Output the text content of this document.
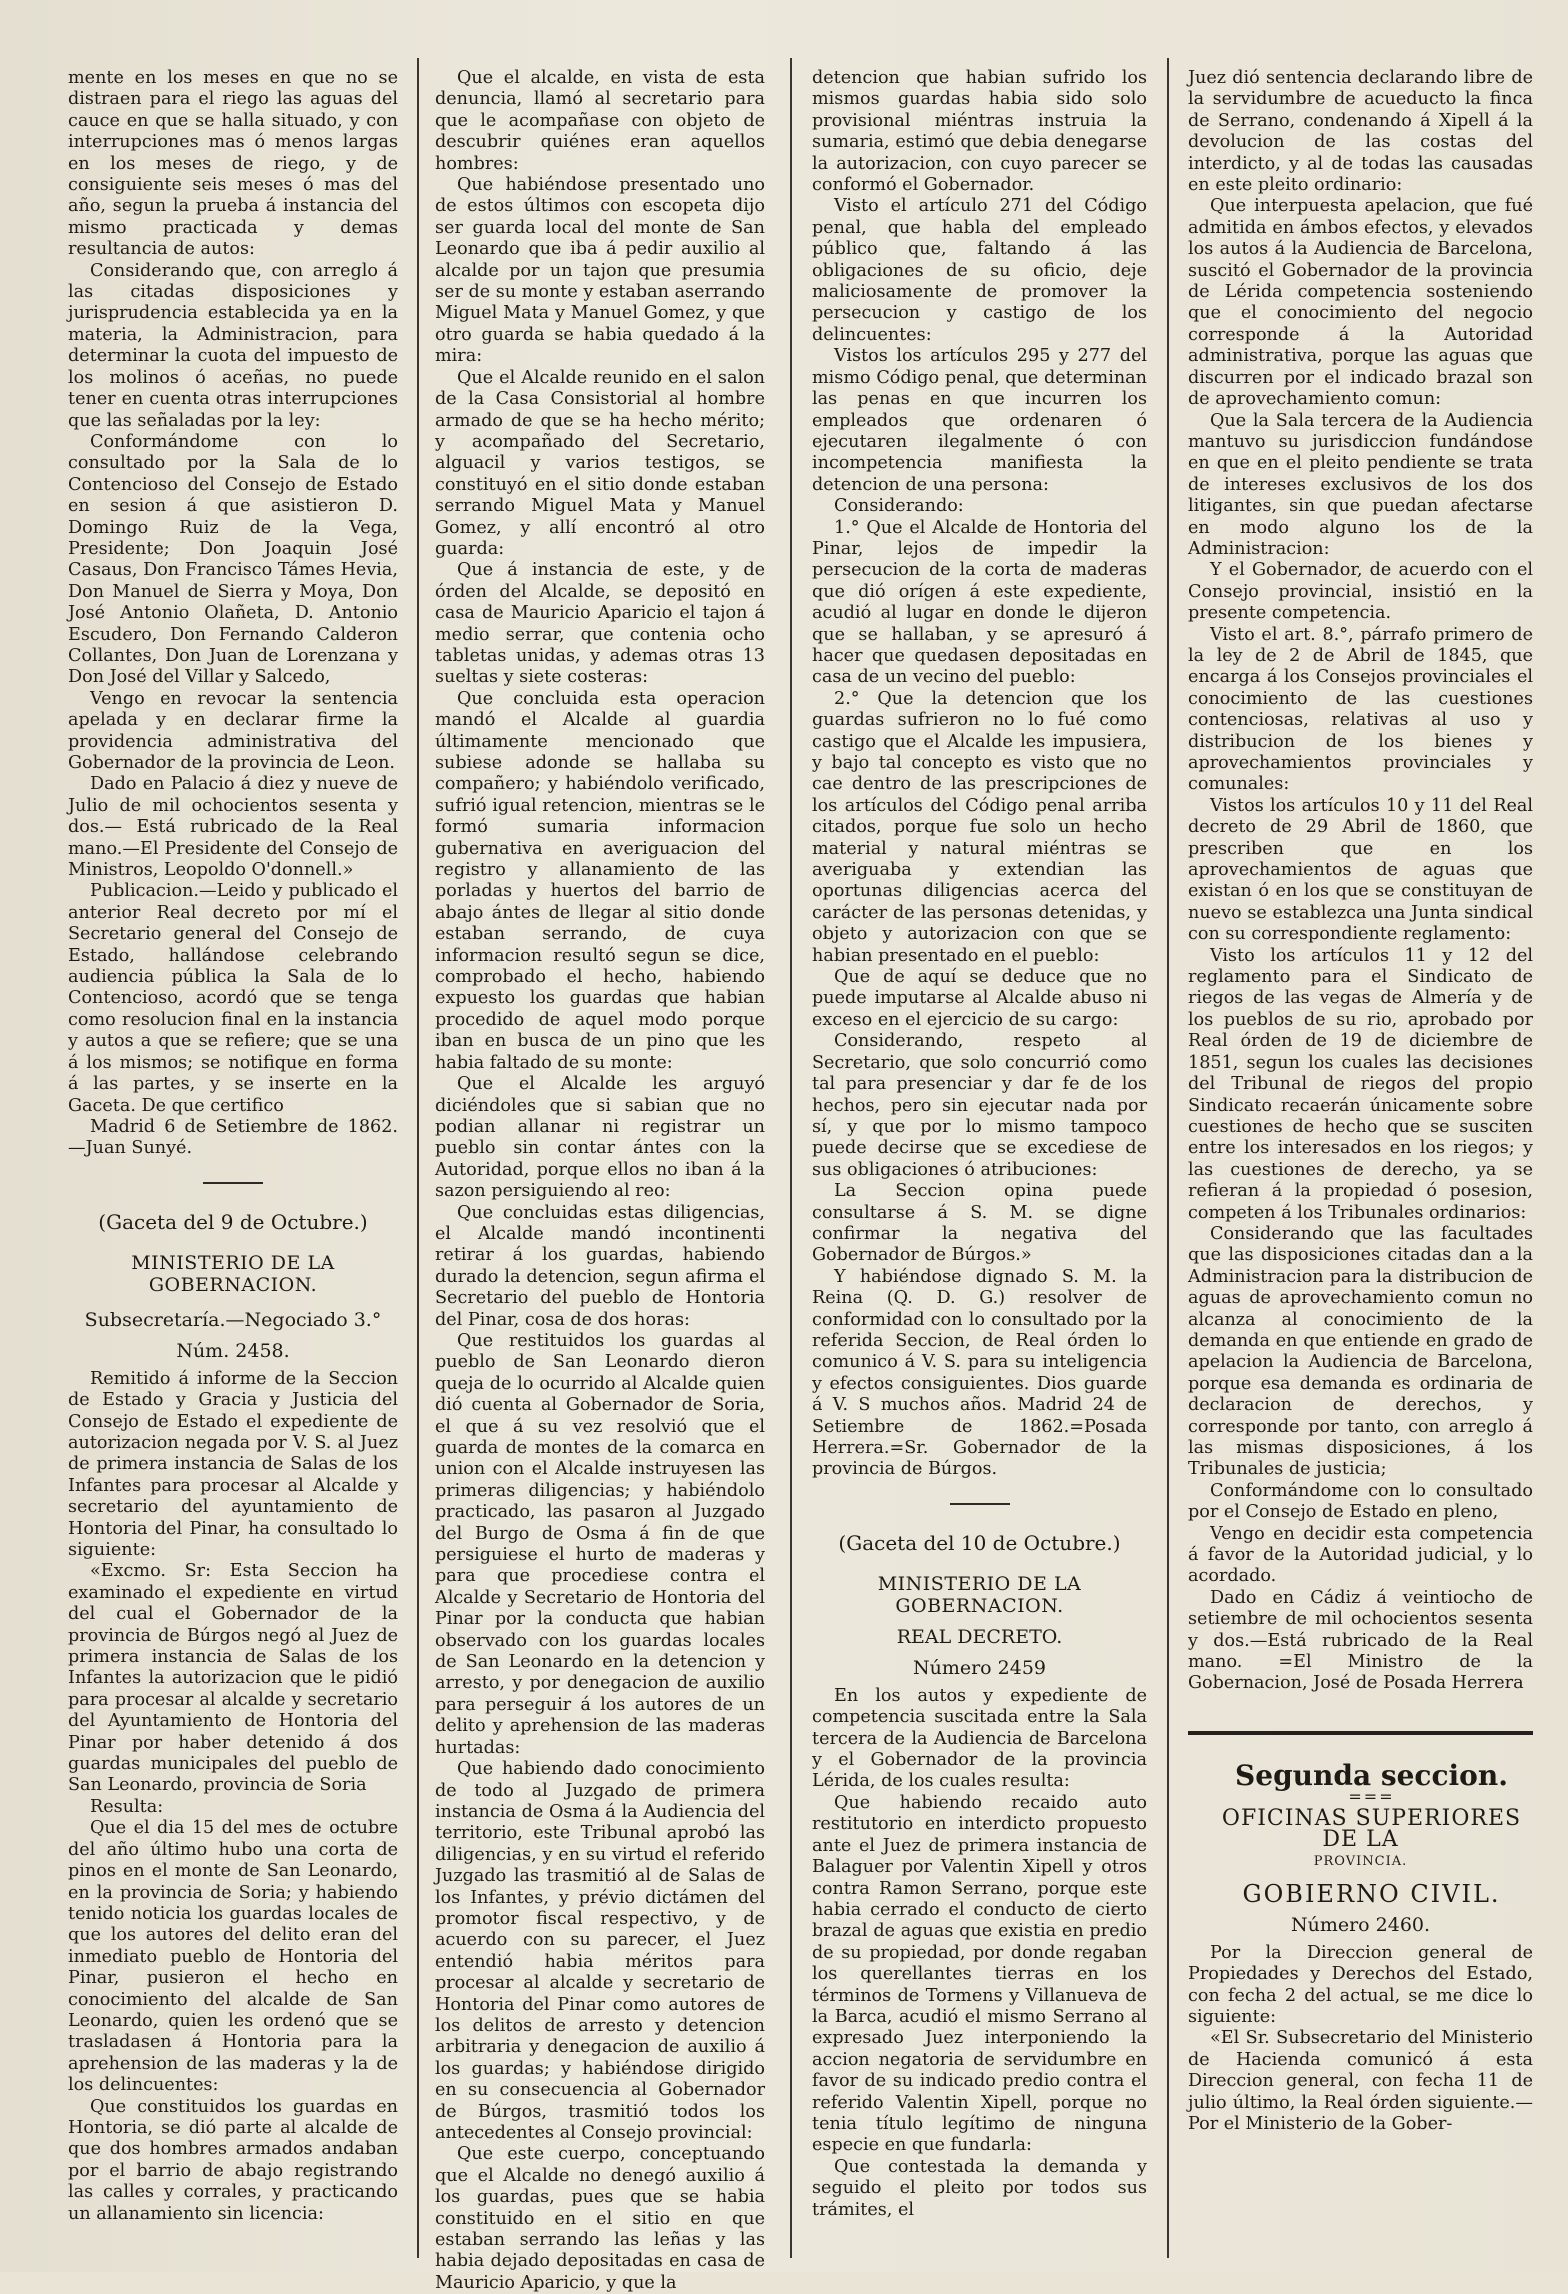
mente en los meses en que no se distraen para el riego las aguas del cauce en que se halla situado, y con interrupciones mas ó menos largas en los meses de riego, y de consiguiente seis meses ó mas del año, segun la prueba á instancia del mismo practicada y demas resultancia de autos:

Considerando que, con arreglo á las citadas disposiciones y jurisprudencia establecida ya en la materia, la Administracion, para determinar la cuota del impuesto de los molinos ó aceñas, no puede tener en cuenta otras interrupciones que las señaladas por la ley:

Conformándome con lo consultado por la Sala de lo Contencioso del Consejo de Estado en sesion á que asistieron D. Domingo Ruiz de la Vega, Presidente; Don Joaquin José Casaus, Don Francisco Támes Hevia, Don Manuel de Sierra y Moya, Don José Antonio Olañeta, D. Antonio Escudero, Don Fernando Calderon Collantes, Don Juan de Lorenzana y Don José del Villar y Salcedo,

Vengo en revocar la sentencia apelada y en declarar firme la providencia administrativa del Gobernador de la provincia de Leon.

Dado en Palacio á diez y nueve de Julio de mil ochocientos sesenta y dos.— Está rubricado de la Real mano.—El Presidente del Consejo de Ministros, Leopoldo O'donnell.»

Publicacion.—Leido y publicado el anterior Real decreto por mí el Secretario general del Consejo de Estado, hallándose celebrando audiencia pública la Sala de lo Contencioso, acordó que se tenga como resolucion final en la instancia y autos a que se refiere; que se una á los mismos; se notifique en forma á las partes, y se inserte en la Gaceta. De que certifico

Madrid 6 de Setiembre de 1862. —Juan Sunyé.

(Gaceta del 9 de Octubre.)

MINISTERIO DE LA GOBERNACION.

Subsecretaría.—Negociado 3.°

Núm. 2458.

Remitido á informe de la Seccion de Estado y Gracia y Justicia del Consejo de Estado el expediente de autorizacion negada por V. S. al Juez de primera instancia de Salas de los Infantes para procesar al Alcalde y secretario del ayuntamiento de Hontoria del Pinar, ha consultado lo siguiente:

«Excmo. Sr: Esta Seccion ha examinado el expediente en virtud del cual el Gobernador de la provincia de Búrgos negó al Juez de primera instancia de Salas de los Infantes la autorizacion que le pidió para procesar al alcalde y secretario del Ayuntamiento de Hontoria del Pinar por haber detenido á dos guardas municipales del pueblo de San Leonardo, provincia de Soria

Resulta:

Que el dia 15 del mes de octubre del año último hubo una corta de pinos en el monte de San Leonardo, en la provincia de Soria; y habiendo tenido noticia los guardas locales de que los autores del delito eran del inmediato pueblo de Hontoria del Pinar, pusieron el hecho en conocimiento del alcalde de San Leonardo, quien les ordenó que se trasladasen á Hontoria para la aprehension de las maderas y la de los delincuentes:

Que constituidos los guardas en Hontoria, se dió parte al alcalde de que dos hombres armados andaban por el barrio de abajo registrando las calles y corrales, y practicando un allanamiento sin licencia:

Que el alcalde, en vista de esta denuncia, llamó al secretario para que le acompañase con objeto de descubrir quiénes eran aquellos hombres:

Que habiéndose presentado uno de estos últimos con escopeta dijo ser guarda local del monte de San Leonardo que iba á pedir auxilio al alcalde por un tajon que presumia ser de su monte y estaban aserrando Miguel Mata y Manuel Gomez, y que otro guarda se habia quedado á la mira:

Que el Alcalde reunido en el salon de la Casa Consistorial al hombre armado de que se ha hecho mérito; y acompañado del Secretario, alguacil y varios testigos, se constituyó en el sitio donde estaban serrando Miguel Mata y Manuel Gomez, y allí encontró al otro guarda:

Que á instancia de este, y de órden del Alcalde, se depositó en casa de Mauricio Aparicio el tajon á medio serrar, que contenia ocho tabletas unidas, y ademas otras 13 sueltas y siete costeras:

Que concluida esta operacion mandó el Alcalde al guardia últimamente mencionado que subiese adonde se hallaba su compañero; y habiéndolo verificado, sufrió igual retencion, mientras se le formó sumaria informacion gubernativa en averiguacion del registro y allanamiento de las porladas y huertos del barrio de abajo ántes de llegar al sitio donde estaban serrando, de cuya informacion resultó segun se dice, comprobado el hecho, habiendo expuesto los guardas que habian procedido de aquel modo porque iban en busca de un pino que les habia faltado de su monte:

Que el Alcalde les arguyó diciéndoles que si sabian que no podian allanar ni registrar un pueblo sin contar ántes con la Autoridad, porque ellos no iban á la sazon persiguiendo al reo:

Que concluidas estas diligencias, el Alcalde mandó incontinenti retirar á los guardas, habiendo durado la detencion, segun afirma el Secretario del pueblo de Hontoria del Pinar, cosa de dos horas:

Que restituidos los guardas al pueblo de San Leonardo dieron queja de lo ocurrido al Alcalde quien dió cuenta al Gobernador de Soria, el que á su vez resolvió que el guarda de montes de la comarca en union con el Alcalde instruyesen las primeras diligencias; y habiéndolo practicado, las pasaron al Juzgado del Burgo de Osma á fin de que persiguiese el hurto de maderas y para que procediese contra el Alcalde y Secretario de Hontoria del Pinar por la conducta que habian observado con los guardas locales de San Leonardo en la detencion y arresto, y por denegacion de auxilio para perseguir á los autores de un delito y aprehension de las maderas hurtadas:

Que habiendo dado conocimiento de todo al Juzgado de primera instancia de Osma á la Audiencia del territorio, este Tribunal aprobó las diligencias, y en su virtud el referido Juzgado las trasmitió al de Salas de los Infantes, y prévio dictámen del promotor fiscal respectivo, y de acuerdo con su parecer, el Juez entendió habia méritos para procesar al alcalde y secretario de Hontoria del Pinar como autores de los delitos de arresto y detencion arbitraria y denegacion de auxilio á los guardas; y habiéndose dirigido en su consecuencia al Gobernador de Búrgos, trasmitió todos los antecedentes al Consejo provincial:

Que este cuerpo, conceptuando que el Alcalde no denegó auxilio á los guardas, pues que se habia constituido en el sitio en que estaban serrando las leñas y las habia dejado depositadas en casa de Mauricio Aparicio, y que la

detencion que habian sufrido los mismos guardas habia sido solo provisional miéntras instruia la sumaria, estimó que debia denegarse la autorizacion, con cuyo parecer se conformó el Gobernador.

Visto el artículo 271 del Código penal, que habla del empleado público que, faltando á las obligaciones de su oficio, deje maliciosamente de promover la persecucion y castigo de los delincuentes:

Vistos los artículos 295 y 277 del mismo Código penal, que determinan las penas en que incurren los empleados que ordenaren ó ejecutaren ilegalmente ó con incompetencia manifiesta la detencion de una persona:

Considerando:

1.° Que el Alcalde de Hontoria del Pinar, lejos de impedir la persecucion de la corta de maderas que dió orígen á este expediente, acudió al lugar en donde le dijeron que se hallaban, y se apresuró á hacer que quedasen depositadas en casa de un vecino del pueblo:

2.° Que la detencion que los guardas sufrieron no lo fué como castigo que el Alcalde les impusiera, y bajo tal concepto es visto que no cae dentro de las prescripciones de los artículos del Código penal arriba citados, porque fue solo un hecho material y natural miéntras se averiguaba y extendian las oportunas diligencias acerca del carácter de las personas detenidas, y objeto y autorizacion con que se habian presentado en el pueblo:

Que de aquí se deduce que no puede imputarse al Alcalde abuso ni exceso en el ejercicio de su cargo:

Considerando, respeto al Secretario, que solo concurrió como tal para presenciar y dar fe de los hechos, pero sin ejecutar nada por sí, y que por lo mismo tampoco puede decirse que se excediese de sus obligaciones ó atribuciones:

La Seccion opina puede consultarse á S. M. se digne confirmar la negativa del Gobernador de Búrgos.»

Y habiéndose dignado S. M. la Reina (Q. D. G.) resolver de conformidad con lo consultado por la referida Seccion, de Real órden lo comunico á V. S. para su inteligencia y efectos consiguientes. Dios guarde á V. S muchos años. Madrid 24 de Setiembre de 1862.=Posada Herrera.=Sr. Gobernador de la provincia de Búrgos.

(Gaceta del 10 de Octubre.)

MINISTERIO DE LA GOBERNACION.

REAL DECRETO.

Número 2459

En los autos y expediente de competencia suscitada entre la Sala tercera de la Audiencia de Barcelona y el Gobernador de la provincia Lérida, de los cuales resulta:

Que habiendo recaido auto restitutorio en interdicto propuesto ante el Juez de primera instancia de Balaguer por Valentin Xipell y otros contra Ramon Serrano, porque este habia cerrado el conducto de cierto brazal de aguas que existia en predio de su propiedad, por donde regaban los querellantes tierras en los términos de Tormens y Villanueva de la Barca, acudió el mismo Serrano al expresado Juez interponiendo la accion negatoria de servidumbre en favor de su indicado predio contra el referido Valentin Xipell, porque no tenia título legítimo de ninguna especie en que fundarla:

Que contestada la demanda y seguido el pleito por todos sus trámites, el

Juez dió sentencia declarando libre de la servidumbre de acueducto la finca de Serrano, condenando á Xipell á la devolucion de las costas del interdicto, y al de todas las causadas en este pleito ordinario:

Que interpuesta apelacion, que fué admitida en ámbos efectos, y elevados los autos á la Audiencia de Barcelona, suscitó el Gobernador de la provincia de Lérida competencia sosteniendo que el conocimiento del negocio corresponde á la Autoridad administrativa, porque las aguas que discurren por el indicado brazal son de aprovechamiento comun:

Que la Sala tercera de la Audiencia mantuvo su jurisdiccion fundándose en que en el pleito pendiente se trata de intereses exclusivos de los dos litigantes, sin que puedan afectarse en modo alguno los de la Administracion:

Y el Gobernador, de acuerdo con el Consejo provincial, insistió en la presente competencia.

Visto el art. 8.°, párrafo primero de la ley de 2 de Abril de 1845, que encarga á los Consejos provinciales el conocimiento de las cuestiones contenciosas, relativas al uso y distribucion de los bienes y aprovechamientos provinciales y comunales:

Vistos los artículos 10 y 11 del Real decreto de 29 Abril de 1860, que prescriben que en los aprovechamientos de aguas que existan ó en los que se constituyan de nuevo se establezca una Junta sindical con su correspondiente reglamento:

Visto los artículos 11 y 12 del reglamento para el Sindicato de riegos de las vegas de Almería y de los pueblos de su rio, aprobado por Real órden de 19 de diciembre de 1851, segun los cuales las decisiones del Tribunal de riegos del propio Sindicato recaerán únicamente sobre cuestiones de hecho que se susciten entre los interesados en los riegos; y las cuestiones de derecho, ya se refieran á la propiedad ó posesion, competen á los Tribunales ordinarios:

Considerando que las facultades que las disposiciones citadas dan a la Administracion para la distribucion de aguas de aprovechamiento comun no alcanza al conocimiento de la demanda en que entiende en grado de apelacion la Audiencia de Barcelona, porque esa demanda es ordinaria de declaracion de derechos, y corresponde por tanto, con arreglo á las mismas disposiciones, á los Tribunales de justicia;

Conformándome con lo consultado por el Consejo de Estado en pleno,

Vengo en decidir esta competencia á favor de la Autoridad judicial, y lo acordado.

Dado en Cádiz á veintiocho de setiembre de mil ochocientos sesenta y dos.—Está rubricado de la Real mano. =El Ministro de la Gobernacion, José de Posada Herrera

Segunda seccion.

===

OFICINAS SUPERIORES DE LA

PROVINCIA.

GOBIERNO CIVIL.

Número 2460.

Por la Direccion general de Propiedades y Derechos del Estado, con fecha 2 del actual, se me dice lo siguiente:

«El Sr. Subsecretario del Ministerio de Hacienda comunicó á esta Direccion general, con fecha 11 de julio último, la Real órden siguiente.—Por el Ministerio de la Gober-
